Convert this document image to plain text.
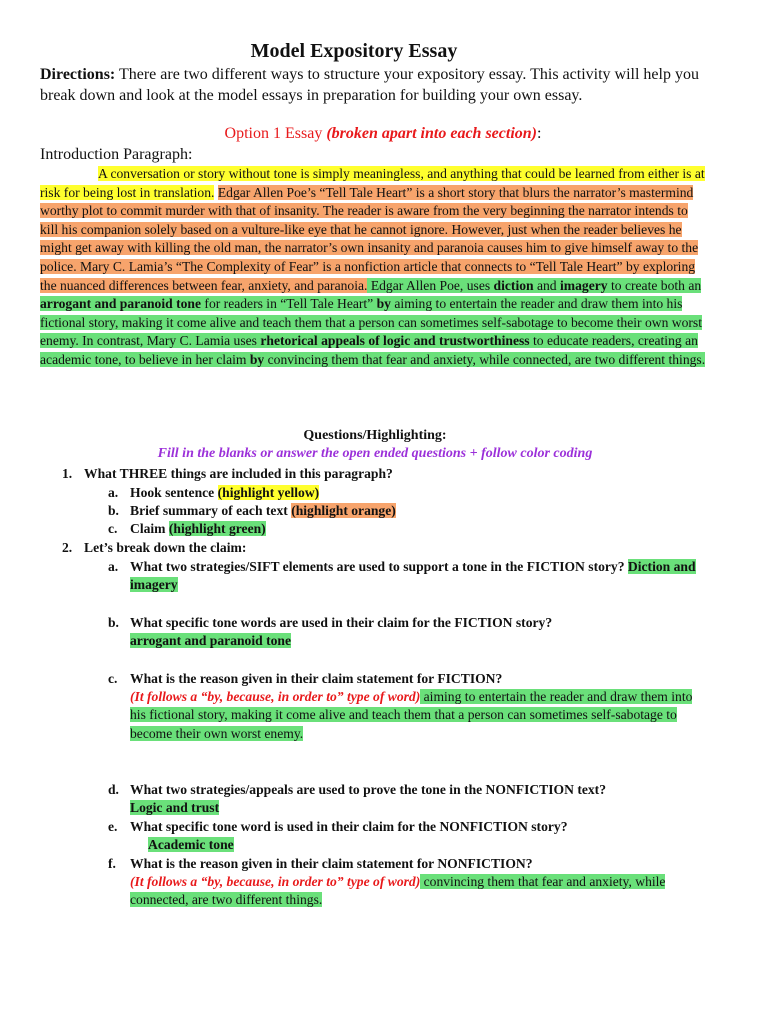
Model Expository Essay

Directions: There are two different ways to structure your expository essay. This activity will help you break down and look at the model essays in preparation for building your own essay.

Option 1 Essay (broken apart into each section):

Introduction Paragraph:

A conversation or story without tone is simply meaningless, and anything that could be learned from either is at risk for being lost in translation. Edgar Allen Poe’s “Tell Tale Heart” is a short story that blurs the narrator’s mastermind worthy plot to commit murder with that of insanity. The reader is aware from the very beginning the narrator intends to kill his companion solely based on a vulture-like eye that he cannot ignore. However, just when the reader believes he might get away with killing the old man, the narrator’s own insanity and paranoia causes him to give himself away to the police. Mary C. Lamia’s “The Complexity of Fear” is a nonfiction article that connects to “Tell Tale Heart” by exploring the nuanced differences between fear, anxiety, and paranoia. Edgar Allen Poe, uses diction and imagery to create both an arrogant and paranoid tone for readers in “Tell Tale Heart” by aiming to entertain the reader and draw them into his fictional story, making it come alive and teach them that a person can sometimes self-sabotage to become their own worst enemy. In contrast, Mary C. Lamia uses rhetorical appeals of logic and trustworthiness to educate readers, creating an academic tone, to believe in her claim by convincing them that fear and anxiety, while connected, are two different things.

Questions/Highlighting:

Fill in the blanks or answer the open ended questions + follow color coding

1. What THREE things are included in this paragraph?

a. Hook sentence (highlight yellow)

b. Brief summary of each text (highlight orange)

c. Claim (highlight green)

2. Let’s break down the claim:

a. What two strategies/SIFT elements are used to support a tone in the FICTION story? Diction and imagery

b. What specific tone words are used in their claim for the FICTION story?
arrogant and paranoid tone

c. What is the reason given in their claim statement for FICTION?
(It follows a “by, because, in order to” type of word) aiming to entertain the reader and draw them into his fictional story, making it come alive and teach them that a person can sometimes self-sabotage to become their own worst enemy.

d. What two strategies/appeals are used to prove the tone in the NONFICTION text?
Logic and trust

e. What specific tone word is used in their claim for the NONFICTION story?
Academic tone

f. What is the reason given in their claim statement for NONFICTION?
(It follows a “by, because, in order to” type of word) convincing them that fear and anxiety, while connected, are two different things.
